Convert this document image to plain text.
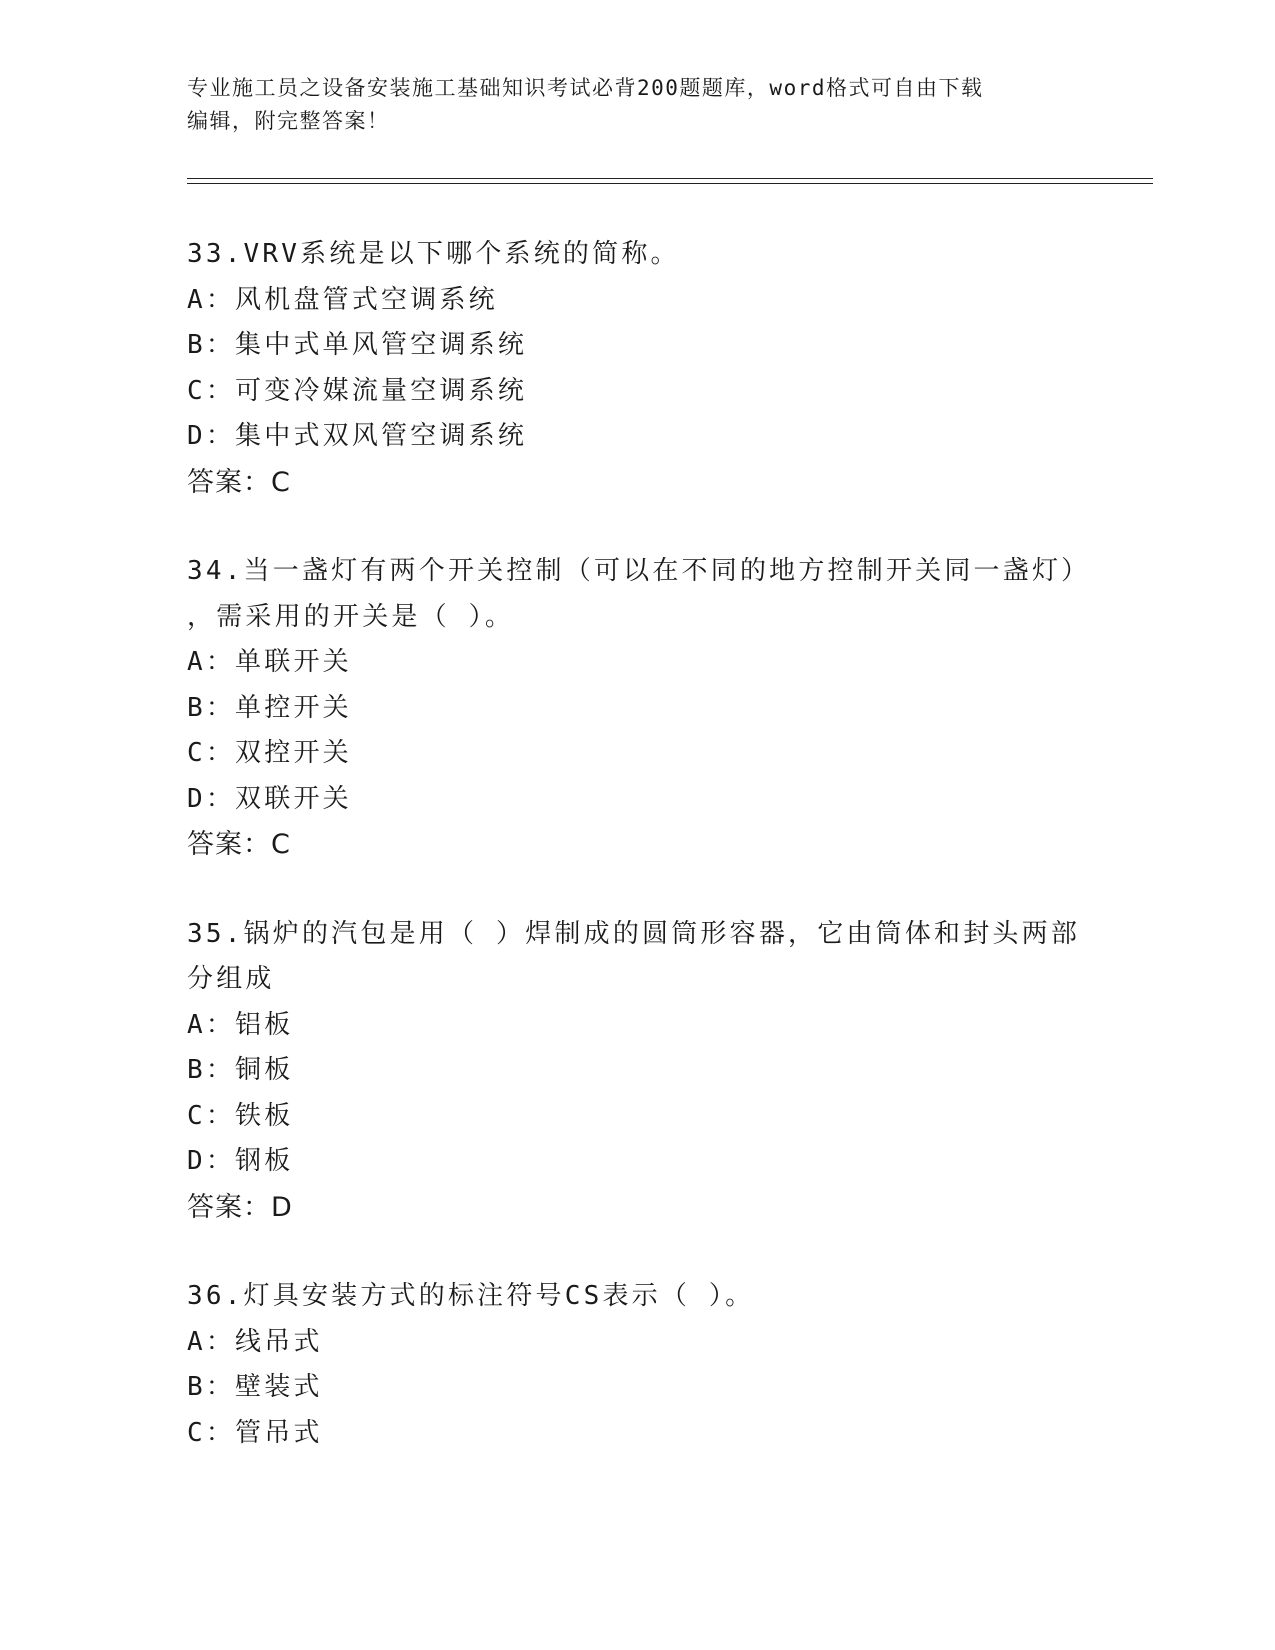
专业施工员之设备安装施工基础知识考试必背200题题库，word格式可自由下载
编辑，附完整答案！
33.VRV系统是以下哪个系统的简称。
A：风机盘管式空调系统
B：集中式单风管空调系统
C：可变冷媒流量空调系统
D：集中式双风管空调系统
答案：C
34.当一盏灯有两个开关控制（可以在不同的地方控制开关同一盏灯）
，需采用的开关是（ ）。
A：单联开关
B：单控开关
C：双控开关
D：双联开关
答案：C
35.锅炉的汽包是用（ ）焊制成的圆筒形容器，它由筒体和封头两部
分组成
A：铝板
B：铜板
C：铁板
D：钢板
答案：D
36.灯具安装方式的标注符号CS表示（ ）。
A：线吊式
B：壁装式
C：管吊式
